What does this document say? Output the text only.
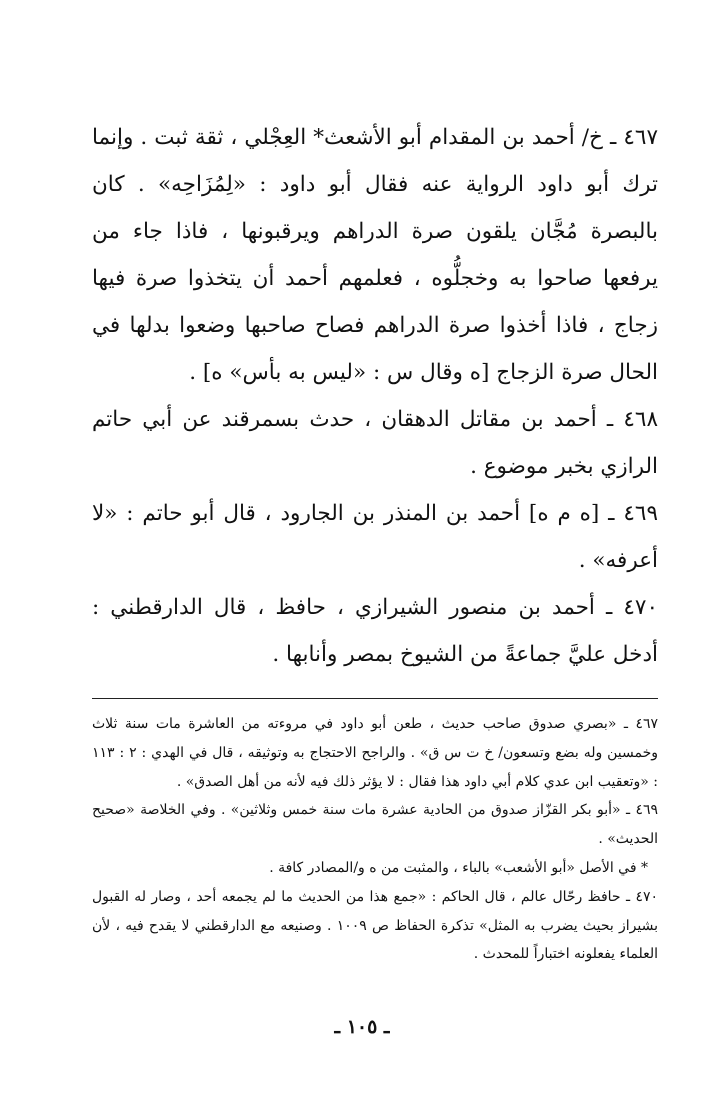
٤٦٧ ـ خ/ أحمد بن المقدام أبو الأشعث* العِجْلي ، ثقة ثبت . وإنما ترك أبو داود الرواية عنه فقال أبو داود : «لِمُزَاحِه» . كان بالبصرة مُجَّان يلقون صرة الدراهم ويرقبونها ، فاذا جاء من يرفعها صاحوا به وخجلُّوه ، فعلمهم أحمد أن يتخذوا صرة فيها زجاج ، فاذا أخذوا صرة الدراهم فصاح صاحبها وضعوا بدلها في الحال صرة الزجاج [ه وقال س : «ليس به بأس» ه] .

٤٦٨ ـ أحمد بن مقاتل الدهقان ، حدث بسمرقند عن أبي حاتم الرازي بخبر موضوع .

٤٦٩ ـ [ه م ه] أحمد بن المنذر بن الجارود ، قال أبو حاتم : «لا أعرفه» .

٤٧٠ ـ أحمد بن منصور الشيرازي ، حافظ ، قال الدارقطني : أدخل عليَّ جماعةً من الشيوخ بمصر وأنابها .

٤٦٧ ـ «بصري صدوق صاحب حديث ، طعن أبو داود في مروءته من العاشرة مات سنة ثلاث وخمسين وله بضع وتسعون/ خ ت س ق» . والراجح الاحتجاج به وتوثيقه ، قال في الهدي : ٢ : ١١٣ : «وتعقيب ابن عدي كلام أبي داود هذا فقال : لا يؤثر ذلك فيه لأنه من أهل الصدق» .

٤٦٩ ـ «أبو بكر القزّاز صدوق من الحادية عشرة مات سنة خمس وثلاثين» . وفي الخلاصة «صحيح الحديث» .

* في الأصل «أبو الأشعب» بالباء ، والمثبت من ه و/المصادر كافة .

٤٧٠ ـ حافظ رحّال عالم ، قال الحاكم : «جمع هذا من الحديث ما لم يجمعه أحد ، وصار له القبول بشيراز بحيث يضرب به المثل» تذكرة الحفاظ ص ١٠٠٩ . وصنيعه مع الدارقطني لا يقدح فيه ، لأن العلماء يفعلونه اختباراً للمحدث .

ـ ١٠٥ ـ
